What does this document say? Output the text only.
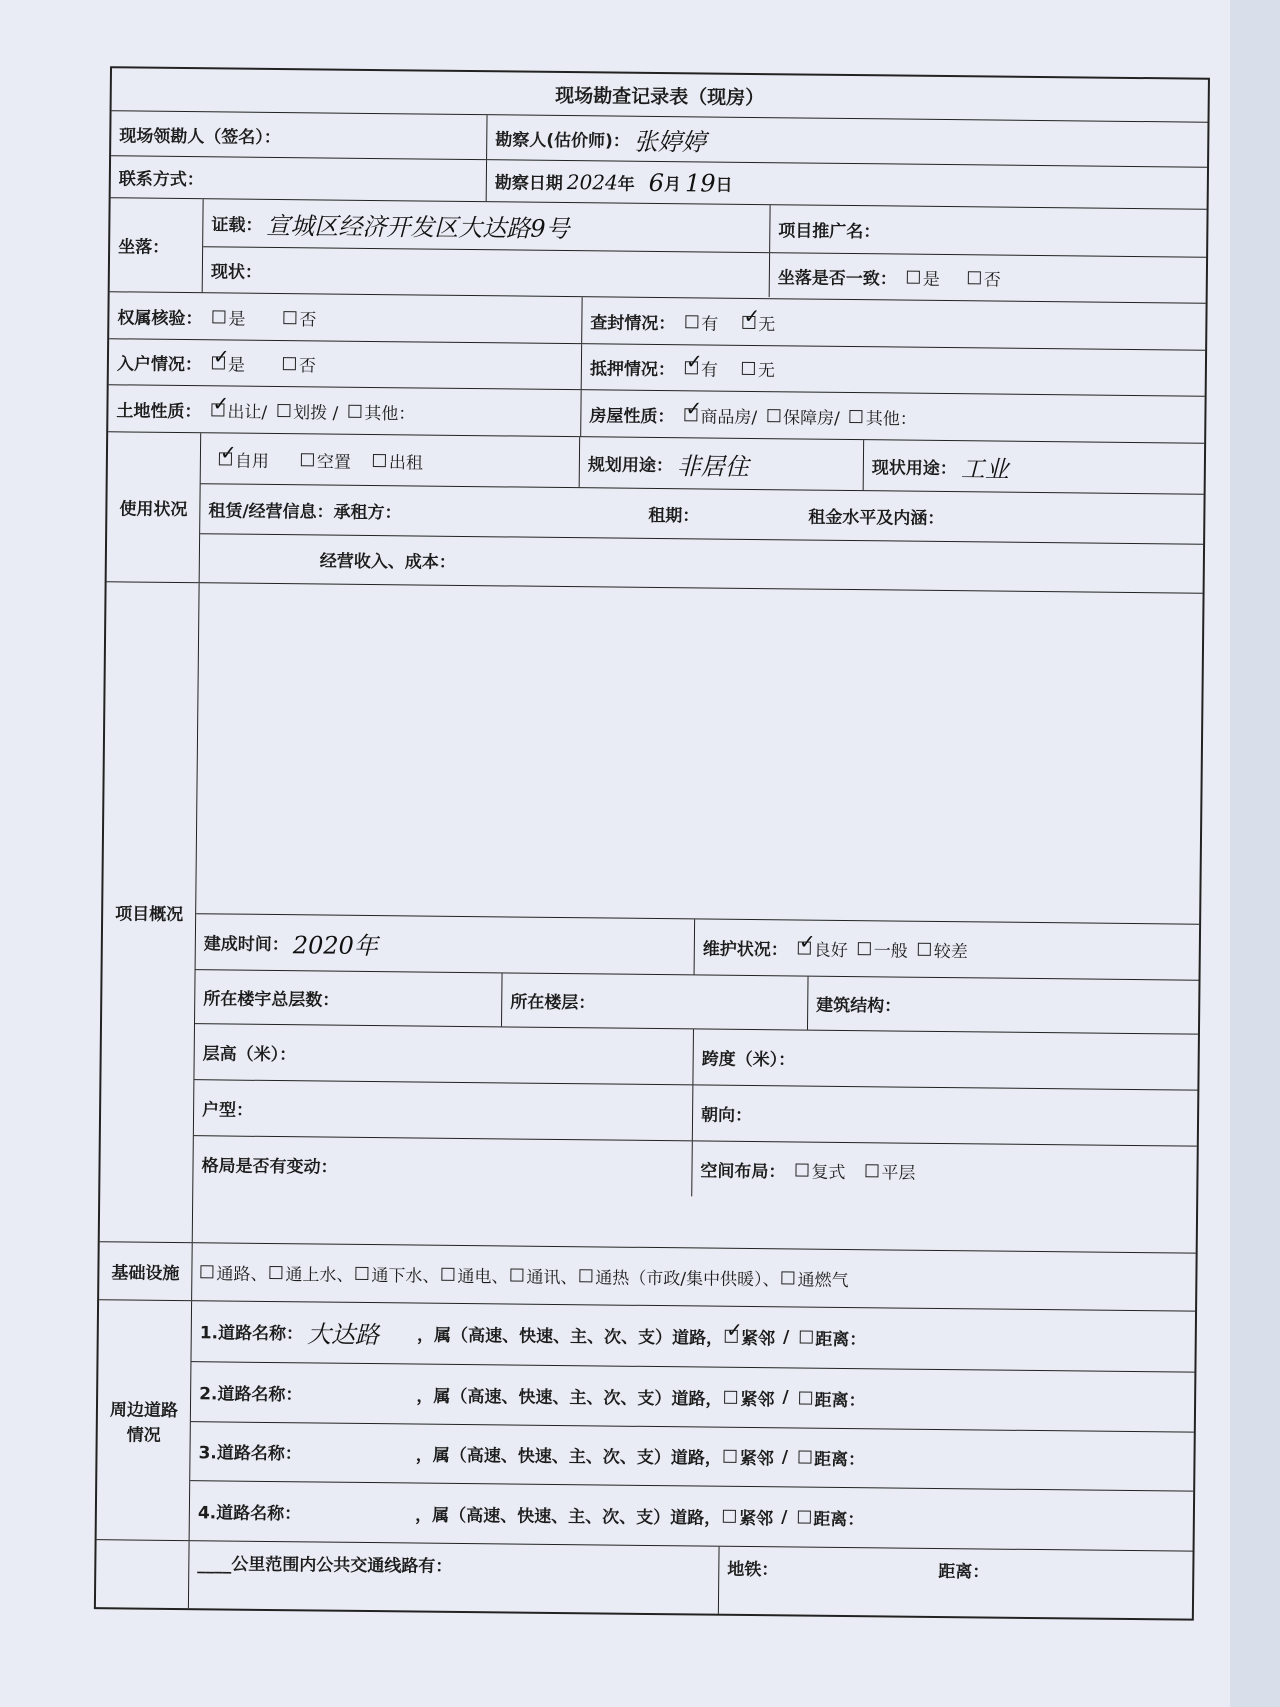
现场勘查记录表（现房）
现场领勘人（签名）：	勘察人(估价师)： 张婷婷
联系方式：	勘察日期 2024 年 6 月 19 日
坐落：
证载： 宣城区经济开发区大达路9号	项目推广名：
现状：	坐落是否一致： 是	否
权属核验： 是	否	查封情况： 有 ✓ 无
入户情况： ✓ 是	否	抵押情况： ✓ 有 无
土地性质： ✓ 出让/ 划拨 / 其他：	房屋性质： ✓ 商品房/ 保障房/ 其他：
使用状况
✓
自用	空置 出租	规划用途： 非居住	现状用途： 工业
租赁/经营信息：承租方：	租期：	租金水平及内涵：
经营收入、成本：
项目概况
建成时间： 2020年	维护状况： ✓ 良好 一般 较差
所在楼宇总层数：	所在楼层：	建筑结构：
层高（米）：	跨度（米）：
户型：	朝向：
格局是否有变动：	空间布局： 复式 平层
基础设施 通路、 通上水、 通下水、 通电、 通讯、 通热（市政/集中供暖）、 通燃气
周边道路情况
1.道路名称： 大达路	，属（高速、快速、主、次、支）道路， ✓ 紧邻 / 距离：
2.道路名称：	，属（高速、快速、主、次、支）道路， 紧邻 / 距离：
3.道路名称：	，属（高速、快速、主、次、支）道路， 紧邻 / 距离：
4.道路名称：	，属（高速、快速、主、次、支）道路， 紧邻 / 距离：
____公里范围内公共交通线路有：	地铁：	距离：
